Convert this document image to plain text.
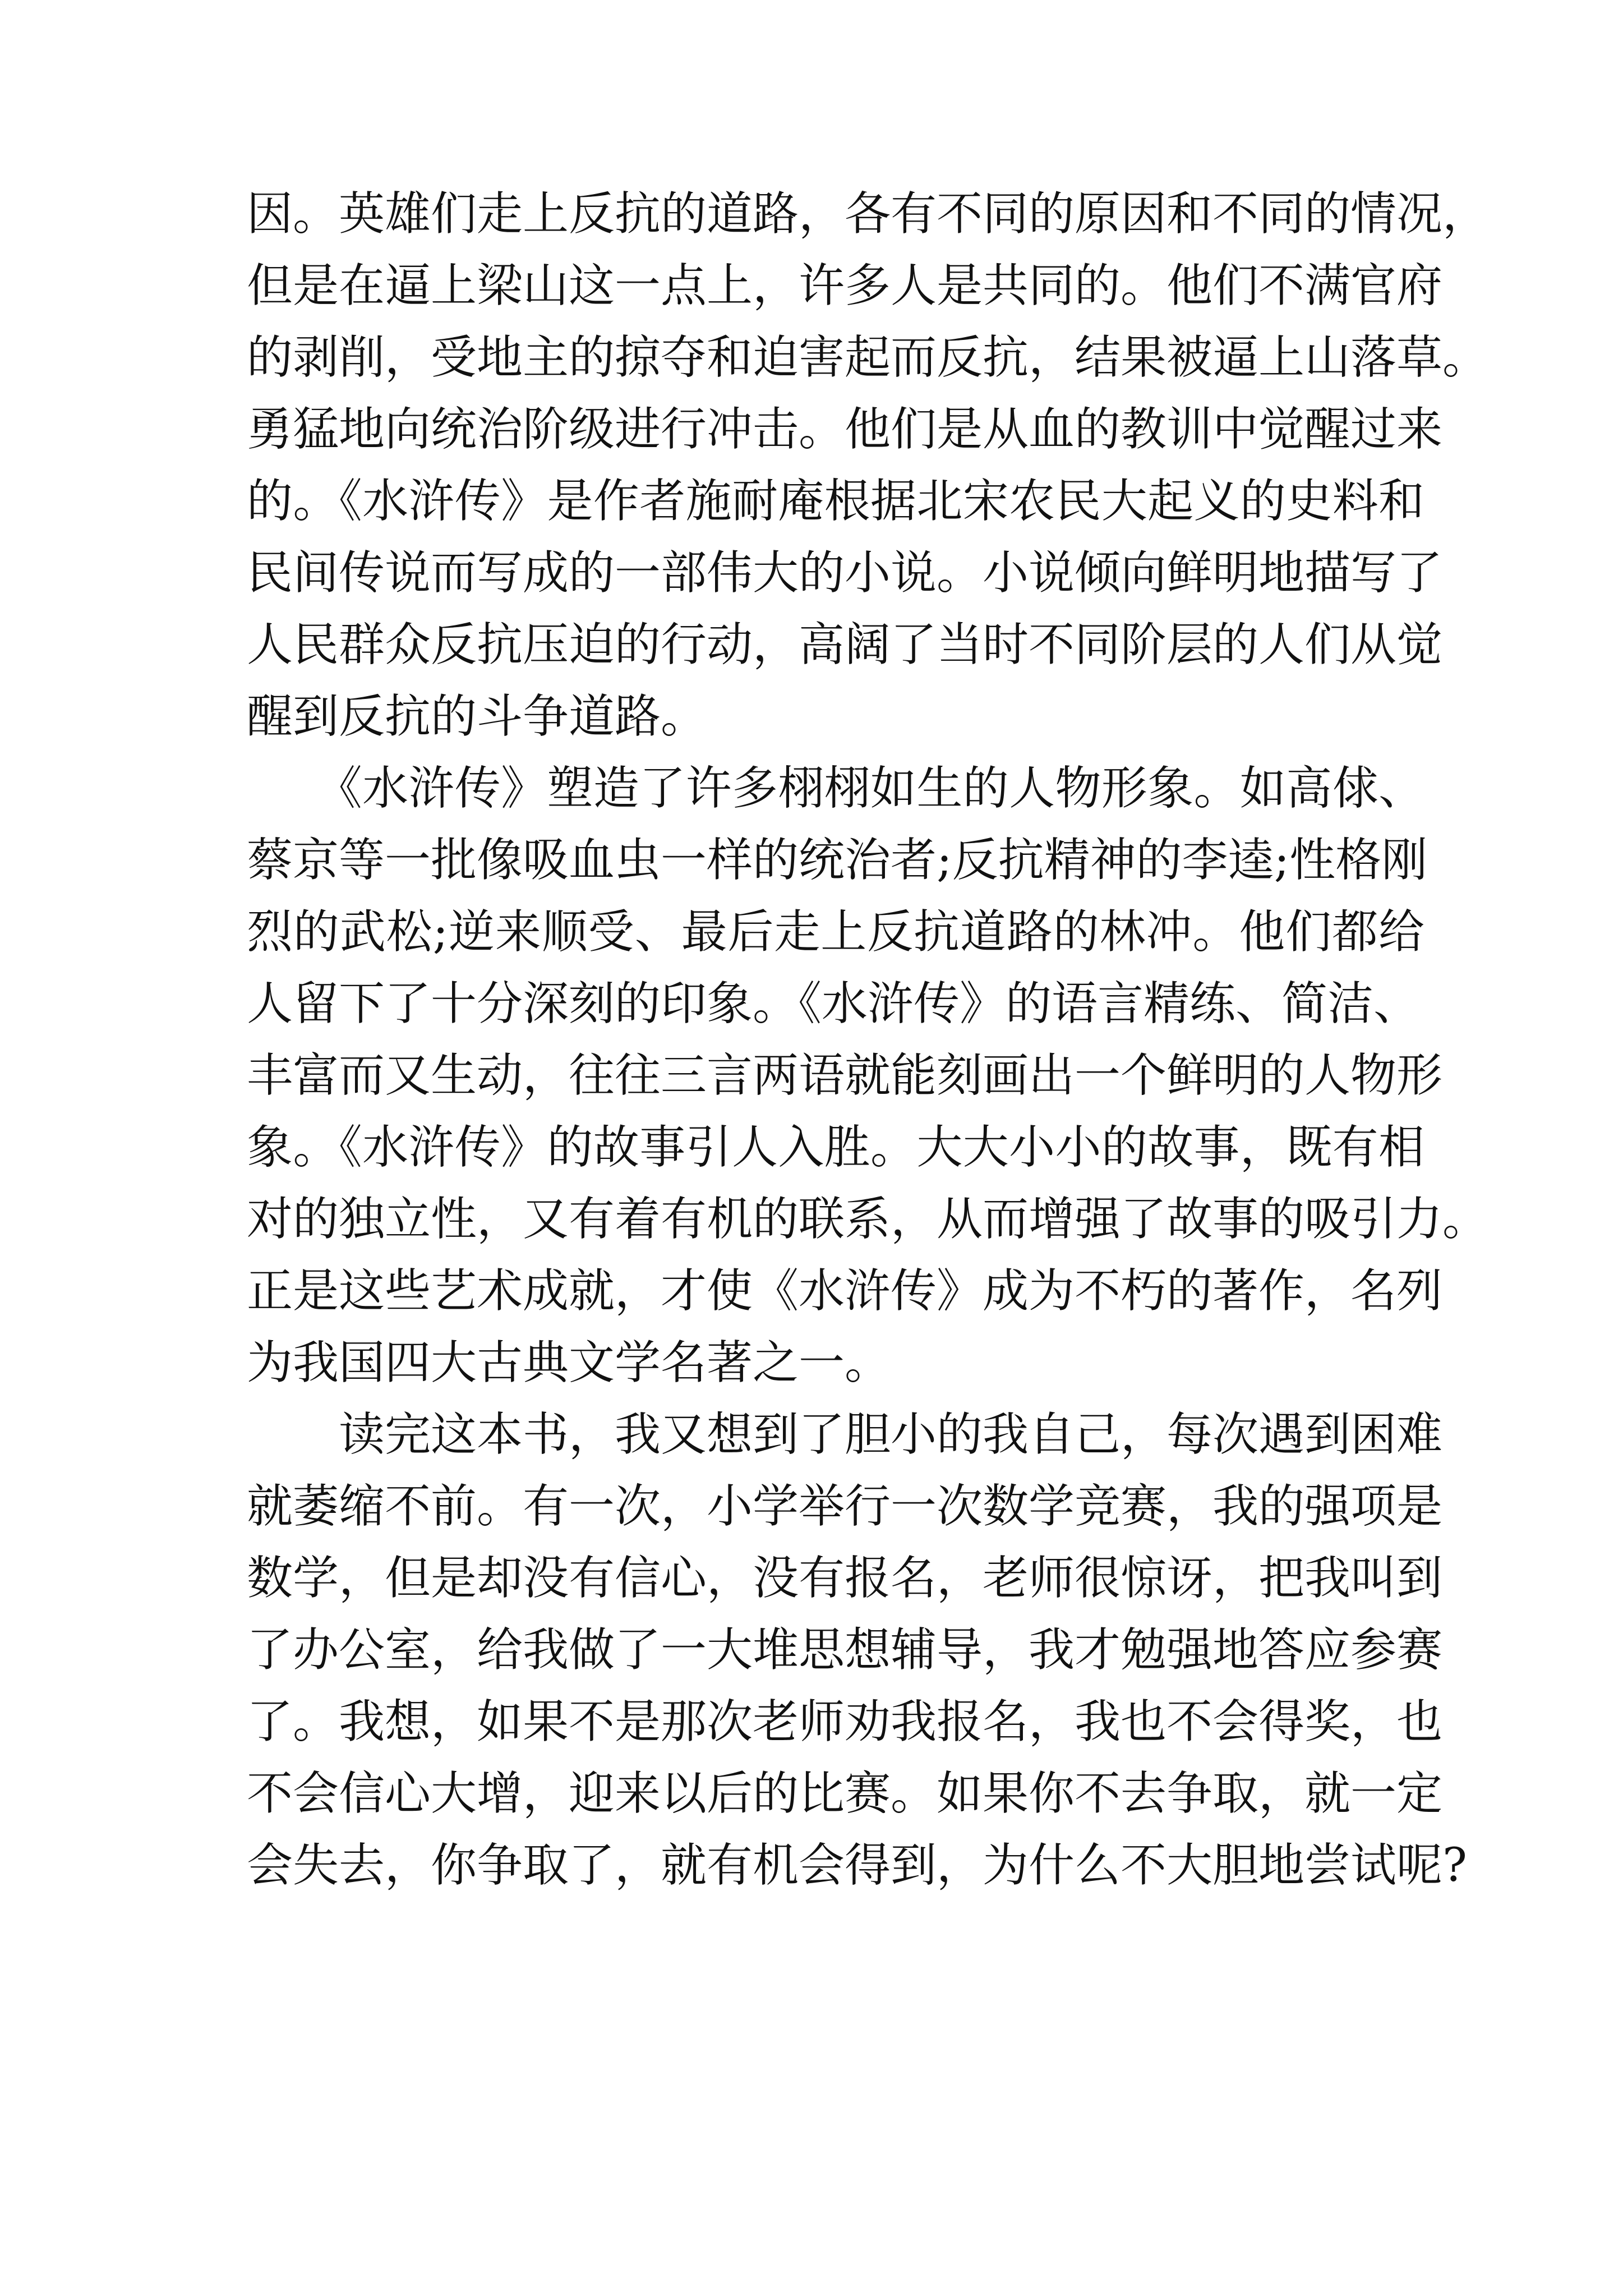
因。英雄们走上反抗的道路，各有不同的原因和不同的情况，
但是在逼上梁山这一点上，许多人是共同的。他们不满官府
的剥削，受地主的掠夺和迫害起而反抗，结果被逼上山落草。
勇猛地向统治阶级进行冲击。他们是从血的教训中觉醒过来
的。《水浒传》是作者施耐庵根据北宋农民大起义的史料和
民间传说而写成的一部伟大的小说。小说倾向鲜明地描写了
人民群众反抗压迫的行动，高阔了当时不同阶层的人们从觉
醒到反抗的斗争道路。
　　《水浒传》塑造了许多栩栩如生的人物形象。如高俅、
蔡京等一批像吸血虫一样的统治者;反抗精神的李逵;性格刚
烈的武松;逆来顺受、最后走上反抗道路的林冲。他们都给
人留下了十分深刻的印象。《水浒传》的语言精练、简洁、
丰富而又生动，往往三言两语就能刻画出一个鲜明的人物形
象。《水浒传》的故事引人入胜。大大小小的故事，既有相
对的独立性，又有着有机的联系，从而增强了故事的吸引力。
正是这些艺术成就，才使《水浒传》成为不朽的著作，名列
为我国四大古典文学名著之一。
　　读完这本书，我又想到了胆小的我自己，每次遇到困难
就萎缩不前。有一次，小学举行一次数学竞赛，我的强项是
数学，但是却没有信心，没有报名，老师很惊讶，把我叫到
了办公室，给我做了一大堆思想辅导，我才勉强地答应参赛
了。我想，如果不是那次老师劝我报名，我也不会得奖，也
不会信心大增，迎来以后的比赛。如果你不去争取，就一定
会失去，你争取了，就有机会得到，为什么不大胆地尝试呢?
